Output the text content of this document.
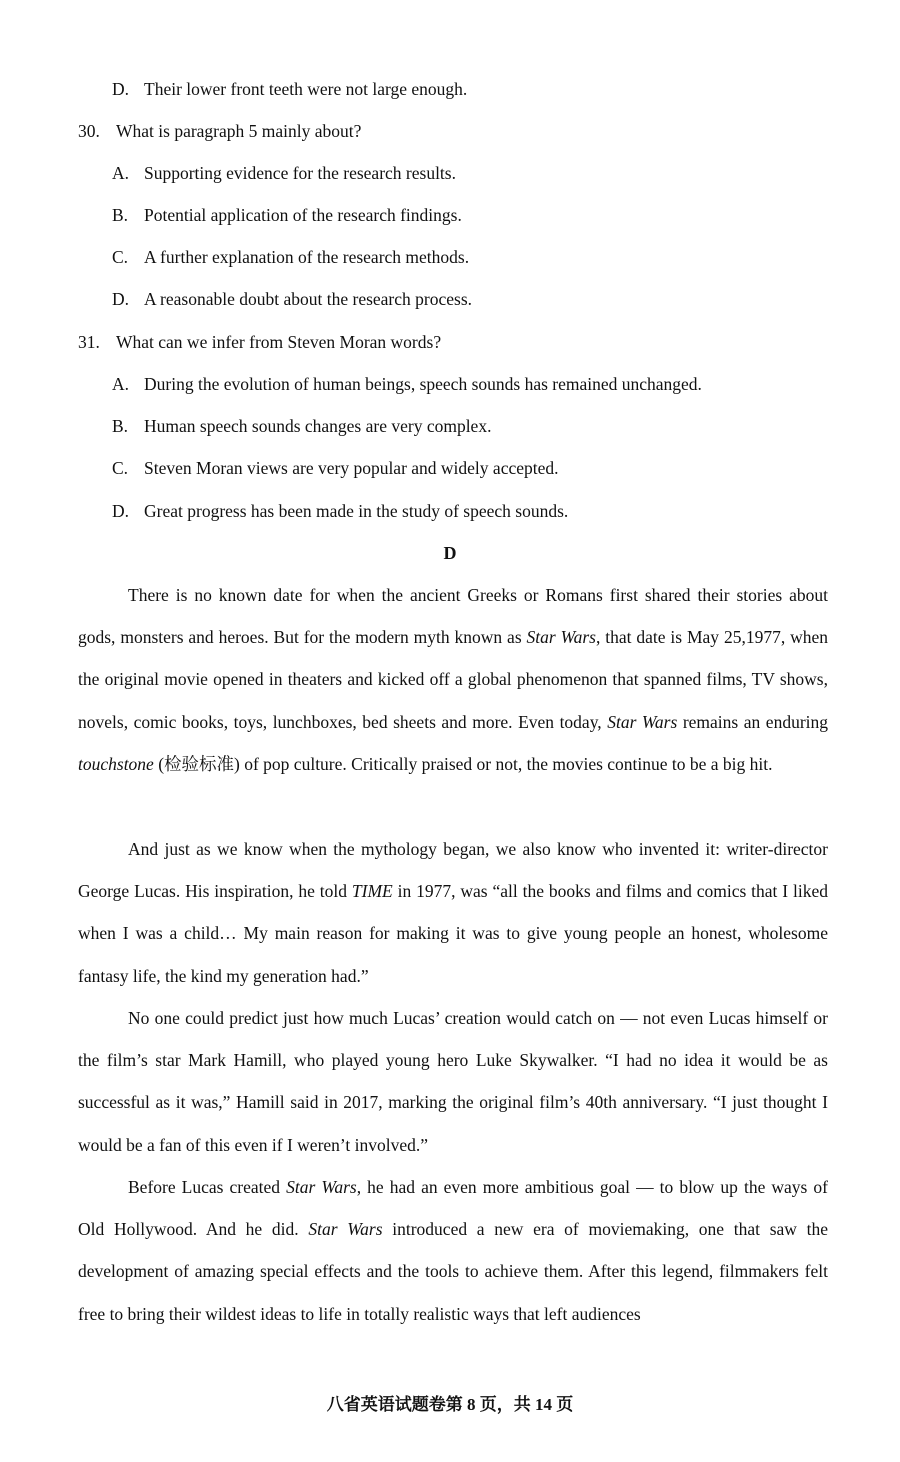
D. Their lower front teeth were not large enough.
30. What is paragraph 5 mainly about?
A. Supporting evidence for the research results.
B. Potential application of the research findings.
C. A further explanation of the research methods.
D. A reasonable doubt about the research process.
31. What can we infer from Steven Moran words?
A. During the evolution of human beings, speech sounds has remained unchanged.
B. Human speech sounds changes are very complex.
C. Steven Moran views are very popular and widely accepted.
D. Great progress has been made in the study of speech sounds.
D

There is no known date for when the ancient Greeks or Romans first shared their stories about gods, monsters and heroes. But for the modern myth known as Star Wars, that date is May 25,1977, when the original movie opened in theaters and kicked off a global phenomenon that spanned films, TV shows, novels, comic books, toys, lunchboxes, bed sheets and more. Even today, Star Wars remains an enduring touchstone (检验标准) of pop culture. Critically praised or not, the movies continue to be a big hit.

And just as we know when the mythology began, we also know who invented it: writer-director George Lucas. His inspiration, he told TIME in 1977, was “all the books and films and comics that I liked when I was a child… My main reason for making it was to give young people an honest, wholesome fantasy life, the kind my generation had.”

No one could predict just how much Lucas’ creation would catch on — not even Lucas himself or the film’s star Mark Hamill, who played young hero Luke Skywalker. “I had no idea it would be as successful as it was,” Hamill said in 2017, marking the original film’s 40th anniversary. “I just thought I would be a fan of this even if I weren’t involved.”

Before Lucas created Star Wars, he had an even more ambitious goal — to blow up the ways of Old Hollywood. And he did. Star Wars introduced a new era of moviemaking, one that saw the development of amazing special effects and the tools to achieve them. After this legend, filmmakers felt free to bring their wildest ideas to life in totally realistic ways that left audiences

八省英语试题卷第 8 页，共 14 页
